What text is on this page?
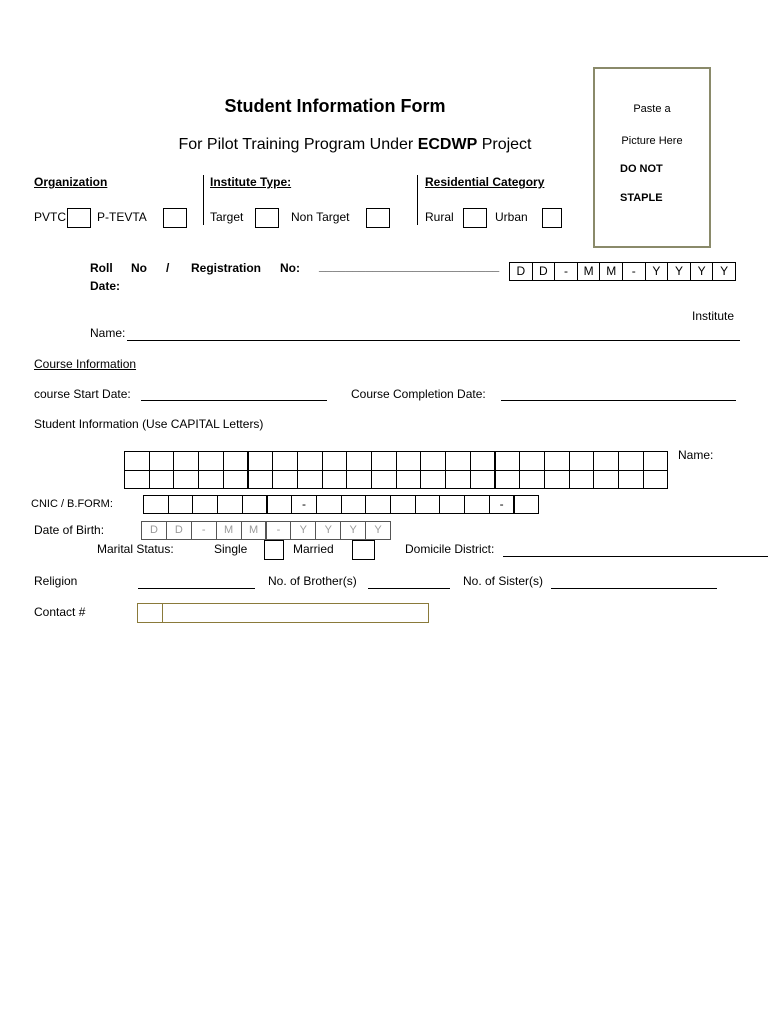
Student Information Form
For Pilot Training Program Under ECDWP Project
Paste a
Picture Here
DO NOT
STAPLE
Organization
PVTC	P-TEVTA
Institute Type:
Target	Non Target
Residential Category
Rural	Urban
Roll No / Registration No:
Date:
___________________________	D	D	-	M	M	-	Y	Y	Y	Y
Institute
Name:
Course Information
course Start Date:	Course Completion Date:
Student Information (Use CAPITAL Letters)
Name:
CNIC / B.FORM:	-	-
Date of Birth:	D	D	-	M	M	-	Y	Y	Y	Y
Marital Status:	Single	Married	Domicile District:
Religion	No. of Brother(s)	No. of Sister(s)
Contact #
